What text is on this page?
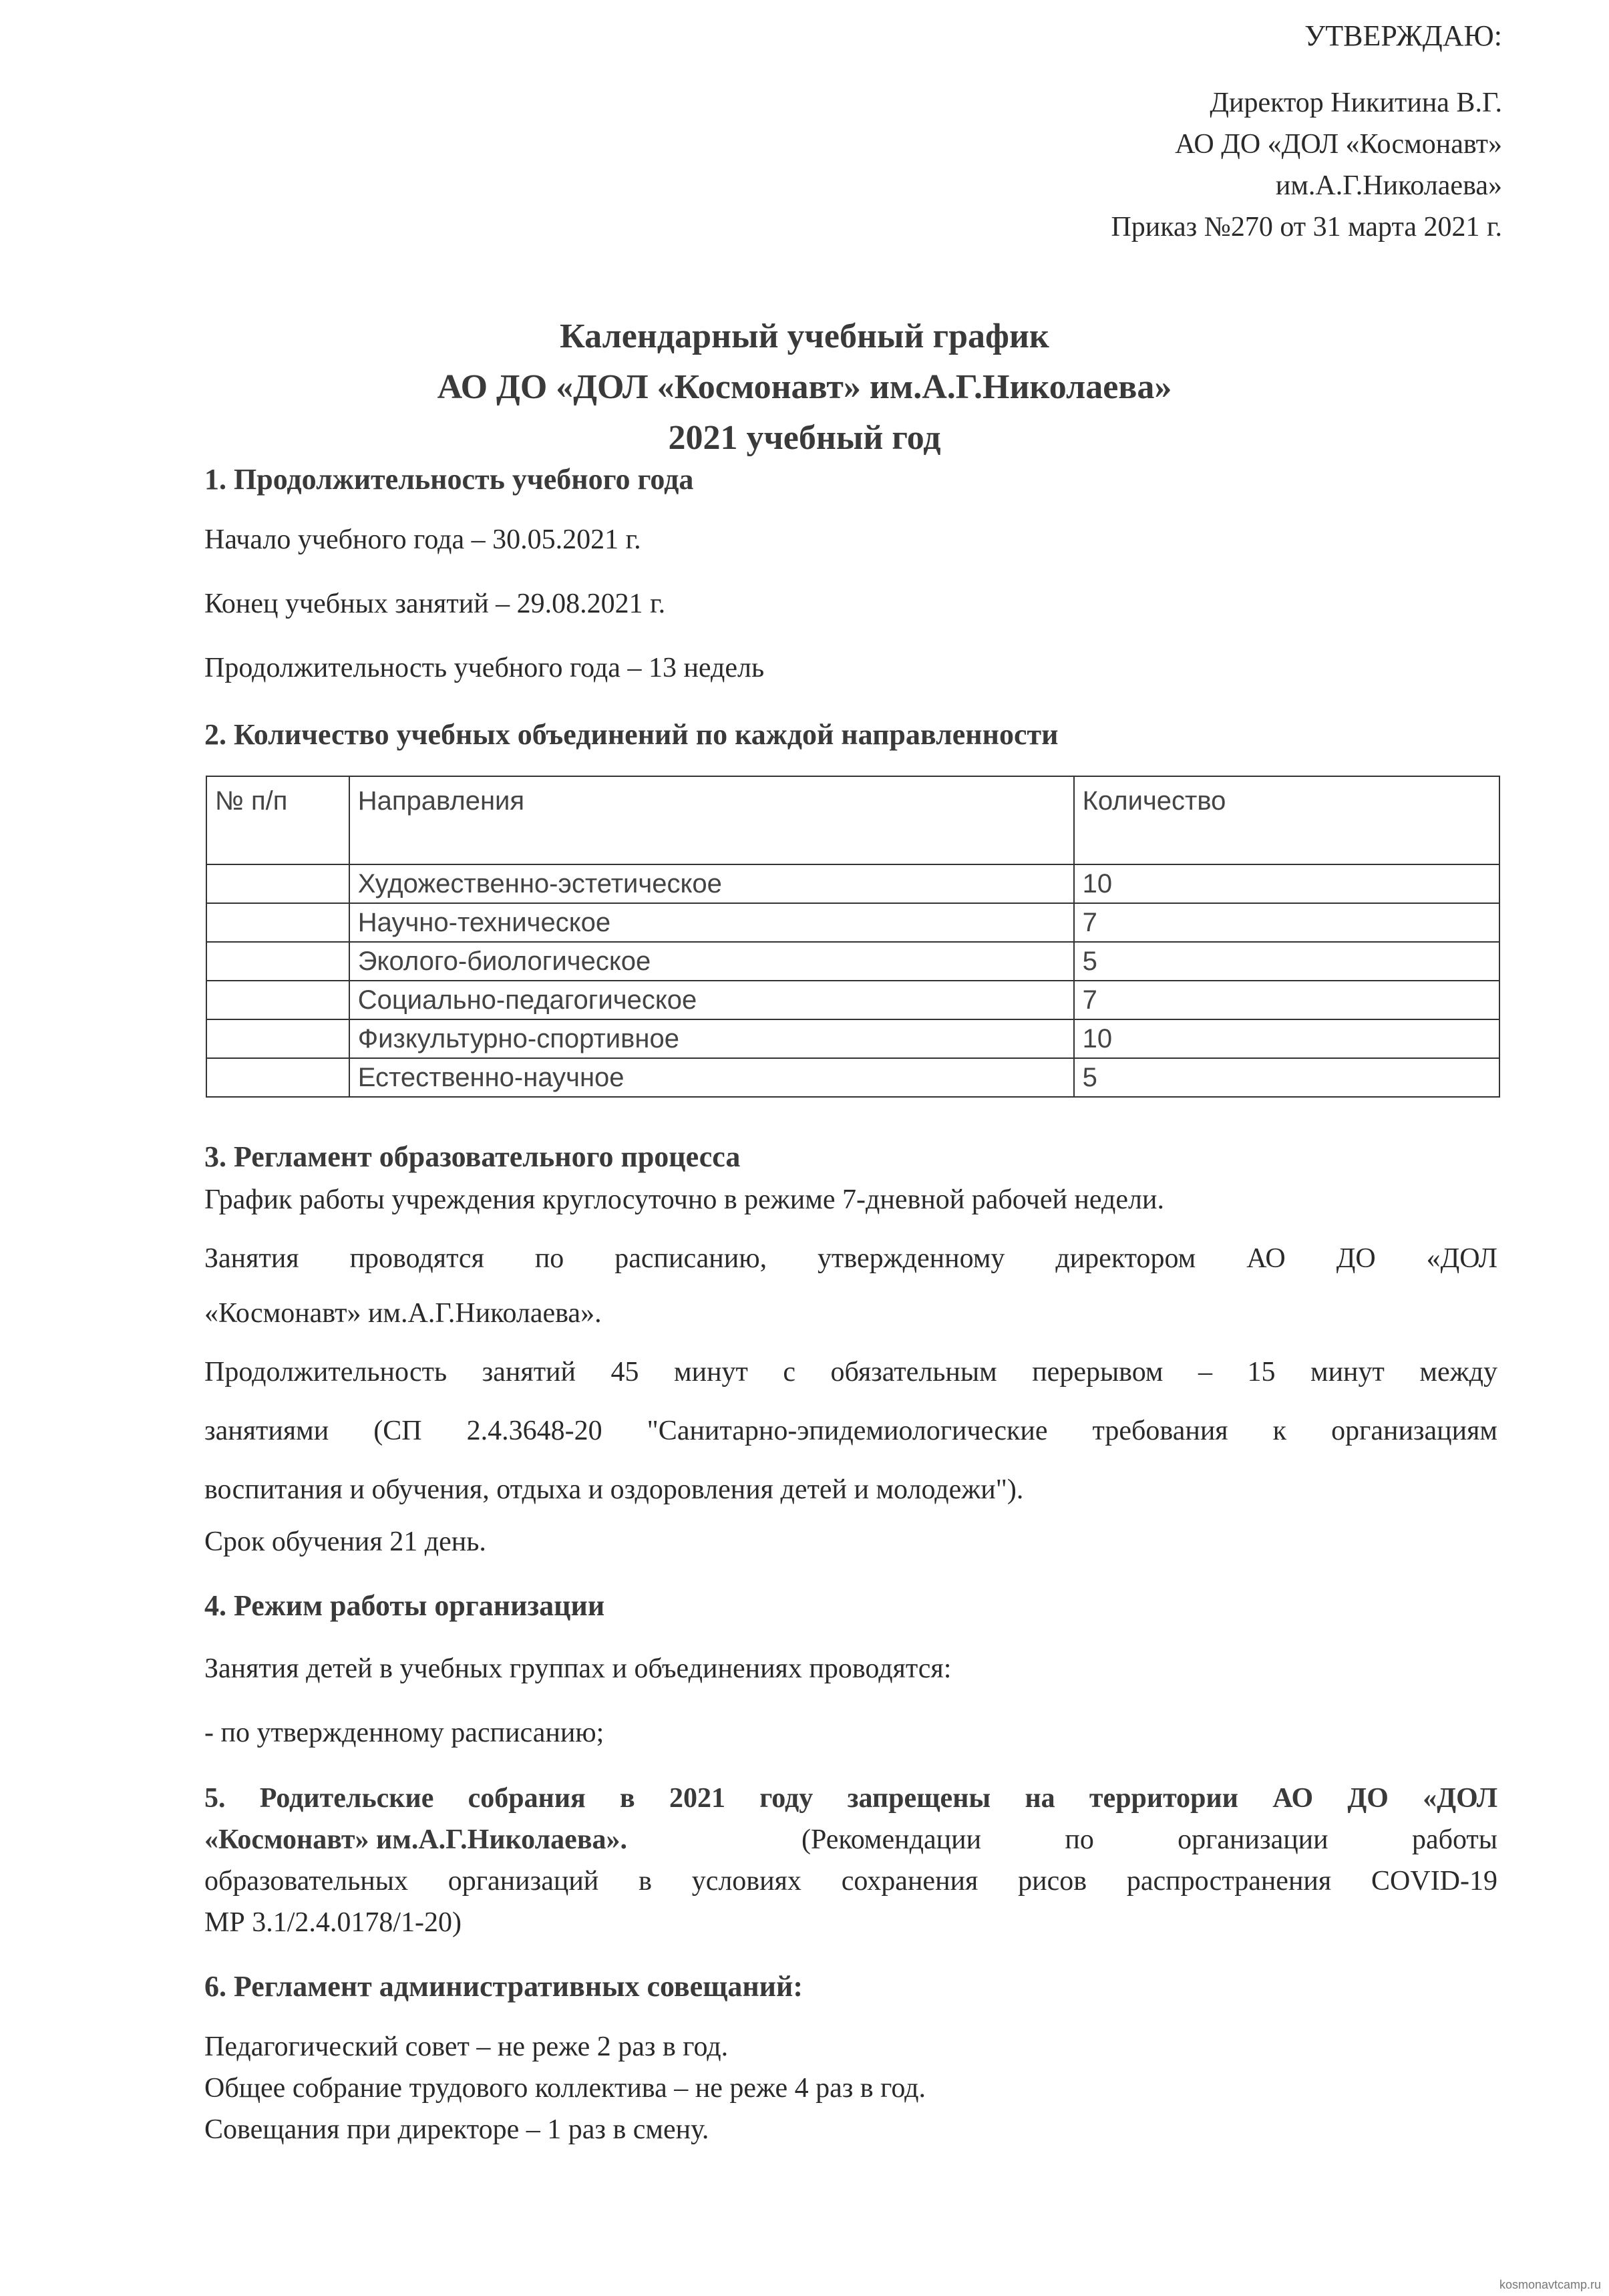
УТВЕРЖДАЮ:
Директор Никитина В.Г.
АО ДО «ДОЛ «Космонавт»
им.А.Г.Николаева»
Приказ №270 от 31 марта 2021 г.
Календарный учебный график
АО ДО «ДОЛ «Космонавт» им.А.Г.Николаева»
2021 учебный год
1. Продолжительность учебного года
Начало учебного года – 30.05.2021 г.
Конец учебных занятий – 29.08.2021 г.
Продолжительность учебного года – 13 недель
2. Количество учебных объединений по каждой направленности
№ п/п	Направления	Количество
	Художественно-эстетическое	10
	Научно-техническое	7
	Эколого-биологическое	5
	Социально-педагогическое	7
	Физкультурно-спортивное	10
	Естественно-научное	5
3. Регламент образовательного процесса
График работы учреждения круглосуточно в режиме 7-дневной рабочей недели.
Занятия проводятся по расписанию, утвержденному директором АО ДО «ДОЛ
«Космонавт» им.А.Г.Николаева».
Продолжительность занятий 45 минут с обязательным перерывом – 15 минут между
занятиями (СП 2.4.3648-20 "Санитарно-эпидемиологические требования к организациям
воспитания и обучения, отдыха и оздоровления детей и молодежи").
Срок обучения 21 день.
4. Режим работы организации
Занятия детей в учебных группах и объединениях проводятся:
- по утвержденному расписанию;
5. Родительские собрания в 2021 году запрещены на территории АО ДО «ДОЛ
«Космонавт» им.А.Г.Николаева».	(Рекомендации по организации работы
образовательных организаций в условиях сохранения рисов распространения COVID-19
МР 3.1/2.4.0178/1-20)
6. Регламент административных совещаний:
Педагогический совет – не реже 2 раз в год.
Общее собрание трудового коллектива – не реже 4 раз в год.
Совещания при директоре – 1 раз в смену.
kosmonavtcamp.ru
